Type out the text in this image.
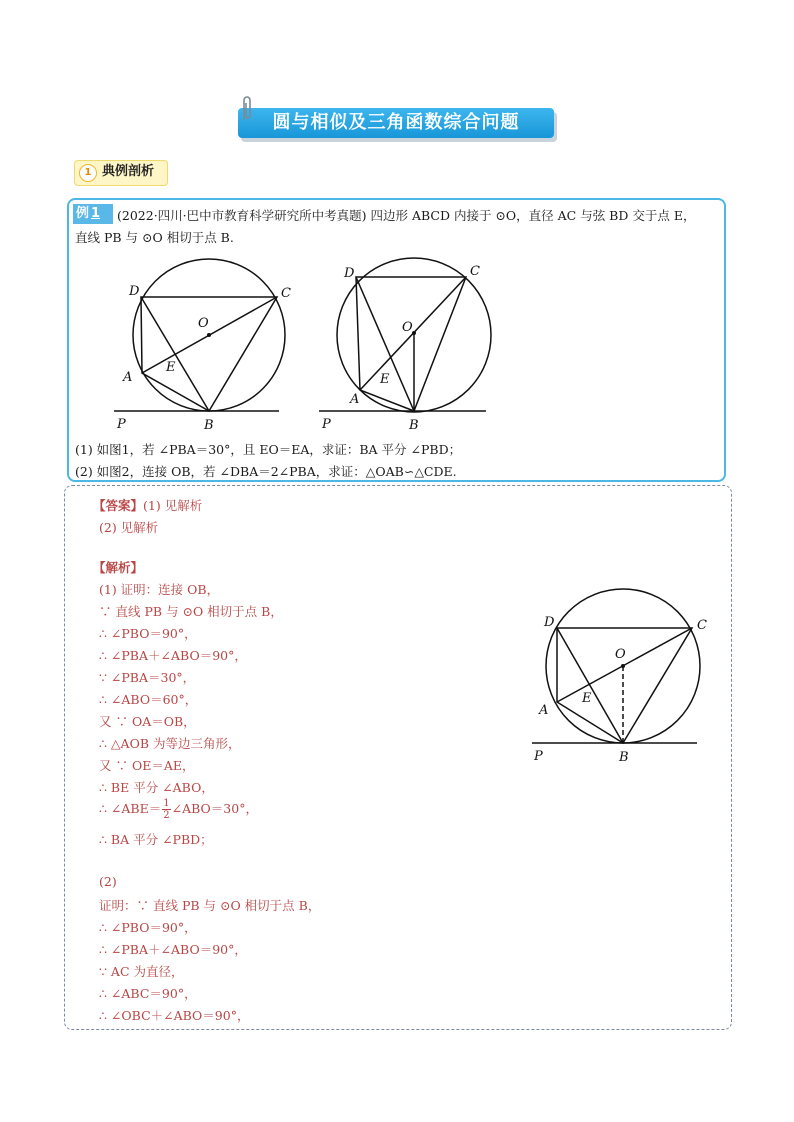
圆与相似及三角函数综合问题
1 典例剖析
例 1	(2022·四川·巴中市教育科学研究所中考真题) 四边形 ABCD 内接于 ⊙O，直径 AC 与弦 BD 交于点 E，
直线 PB 与 ⊙O 相切于点 B.
D	C
O
E
A
P	B
D	C
O
E
A
P	B
(1) 如图1，若 ∠PBA＝30°，且 EO＝EA，求证：BA 平分 ∠PBD；
(2) 如图2，连接 OB，若 ∠DBA＝2∠PBA，求证：△OAB∽△CDE.
【答案】(1) 见解析
(2) 见解析
【解析】
(1) 证明：连接 OB，
∵ 直线 PB 与 ⊙O 相切于点 B，
∴ ∠PBO＝90°，
∴ ∠PBA＋∠ABO＝90°，
∵ ∠PBA＝30°，
∴ ∠ABO＝60°，
又 ∵ OA＝OB，
∴ △AOB 为等边三角形，
又 ∵ OE＝AE，
∴ BE 平分 ∠ABO，
∴ ∠ABE＝ $\frac{1}{2}$ ∠ABO＝30°，
∴ BA 平分 ∠PBD；
(2)
证明：∵ 直线 PB 与 ⊙O 相切于点 B，
∴ ∠PBO＝90°，
∴ ∠PBA＋∠ABO＝90°，
∵ AC 为直径，
∴ ∠ABC＝90°，
∴ ∠OBC＋∠ABO＝90°，
D	C
O
E
A
P	B
